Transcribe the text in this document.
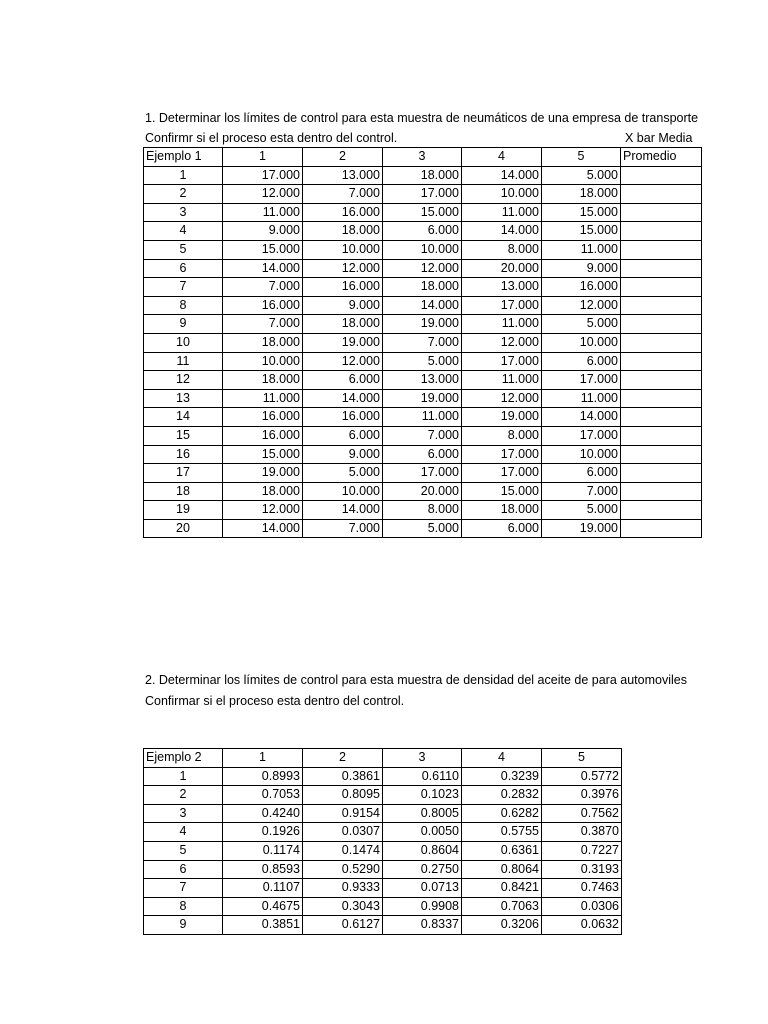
1. Determinar los límites de control para esta muestra de neumáticos de una empresa de transporte
Confirmr si el proceso esta dentro del control.	X bar Media
Ejemplo 1	1	2	3	4	5	Promedio
1	17.000	13.000	18.000	14.000	5.000	
2	12.000	7.000	17.000	10.000	18.000	
3	11.000	16.000	15.000	11.000	15.000	
4	9.000	18.000	6.000	14.000	15.000	
5	15.000	10.000	10.000	8.000	11.000	
6	14.000	12.000	12.000	20.000	9.000	
7	7.000	16.000	18.000	13.000	16.000	
8	16.000	9.000	14.000	17.000	12.000	
9	7.000	18.000	19.000	11.000	5.000	
10	18.000	19.000	7.000	12.000	10.000	
11	10.000	12.000	5.000	17.000	6.000	
12	18.000	6.000	13.000	11.000	17.000	
13	11.000	14.000	19.000	12.000	11.000	
14	16.000	16.000	11.000	19.000	14.000	
15	16.000	6.000	7.000	8.000	17.000	
16	15.000	9.000	6.000	17.000	10.000	
17	19.000	5.000	17.000	17.000	6.000	
18	18.000	10.000	20.000	15.000	7.000	
19	12.000	14.000	8.000	18.000	5.000	
20	14.000	7.000	5.000	6.000	19.000	
2. Determinar los límites de control para esta muestra de densidad del aceite de para automoviles
Confirmar si el proceso esta dentro del control.
Ejemplo 2	1	2	3	4	5
1	0.8993	0.3861	0.6110	0.3239	0.5772
2	0.7053	0.8095	0.1023	0.2832	0.3976
3	0.4240	0.9154	0.8005	0.6282	0.7562
4	0.1926	0.0307	0.0050	0.5755	0.3870
5	0.1174	0.1474	0.8604	0.6361	0.7227
6	0.8593	0.5290	0.2750	0.8064	0.3193
7	0.1107	0.9333	0.0713	0.8421	0.7463
8	0.4675	0.3043	0.9908	0.7063	0.0306
9	0.3851	0.6127	0.8337	0.3206	0.0632
